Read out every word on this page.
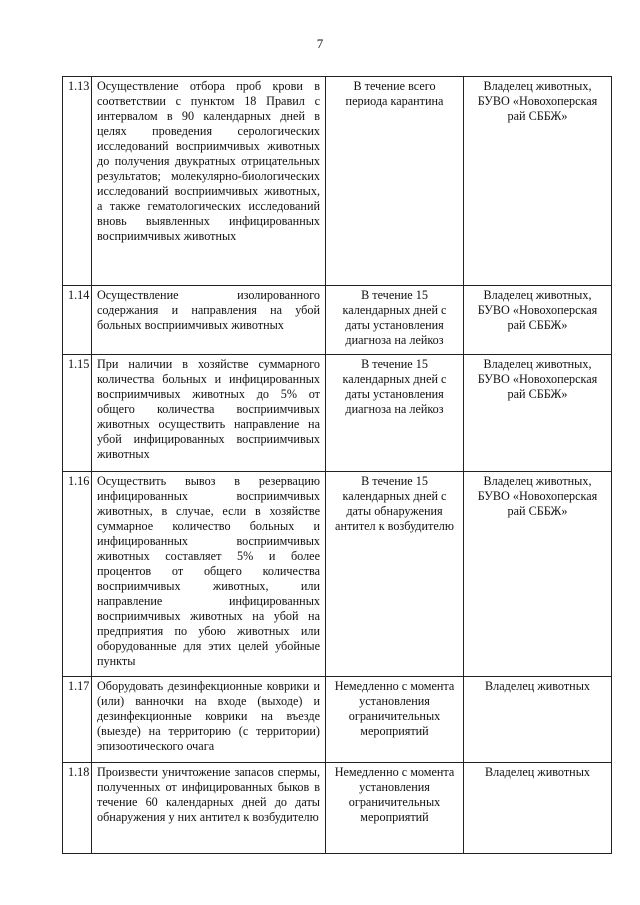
7
1.13	Осуществление отбора проб крови в соответствии с пунктом 18 Правил с интервалом в 90 календарных дней в целях проведения серологических исследований восприимчивых животных до получения двукратных отрицательных результатов; молекулярно-биологических исследований восприимчивых животных, а также гематологических исследований вновь выявленных инфицированных восприимчивых животных	В течение всего периода карантина	Владелец животных, БУВО «Новохоперская рай СББЖ»
1.14	Осуществление изолированного содержания и направления на убой больных восприимчивых животных	В течение 15 календарных дней с даты установления диагноза на лейкоз	Владелец животных, БУВО «Новохоперская рай СББЖ»
1.15	При наличии в хозяйстве суммарного количества больных и инфицированных восприимчивых животных до 5% от общего количества восприимчивых животных осуществить направление на убой инфицированных восприимчивых животных	В течение 15 календарных дней с даты установления диагноза на лейкоз	Владелец животных, БУВО «Новохоперская рай СББЖ»
1.16	Осуществить вывоз в резервацию инфицированных восприимчивых животных, в случае, если в хозяйстве суммарное количество больных и инфицированных восприимчивых животных составляет 5% и более процентов от общего количества восприимчивых животных, или направление инфицированных восприимчивых животных на убой на предприятия по убою животных или оборудованные для этих целей убойные пункты	В течение 15 календарных дней с даты обнаружения антител к возбудителю	Владелец животных, БУВО «Новохоперская рай СББЖ»
1.17	Оборудовать дезинфекционные коврики и (или) ванночки на входе (выходе) и дезинфекционные коврики на въезде (выезде) на территорию (с территории) эпизоотического очага	Немедленно с момента установления ограничительных мероприятий	Владелец животных
1.18	Произвести уничтожение запасов спермы, полученных от инфицированных быков в течение 60 календарных дней до даты обнаружения у них антител к возбудителю	Немедленно с момента установления ограничительных мероприятий	Владелец животных
